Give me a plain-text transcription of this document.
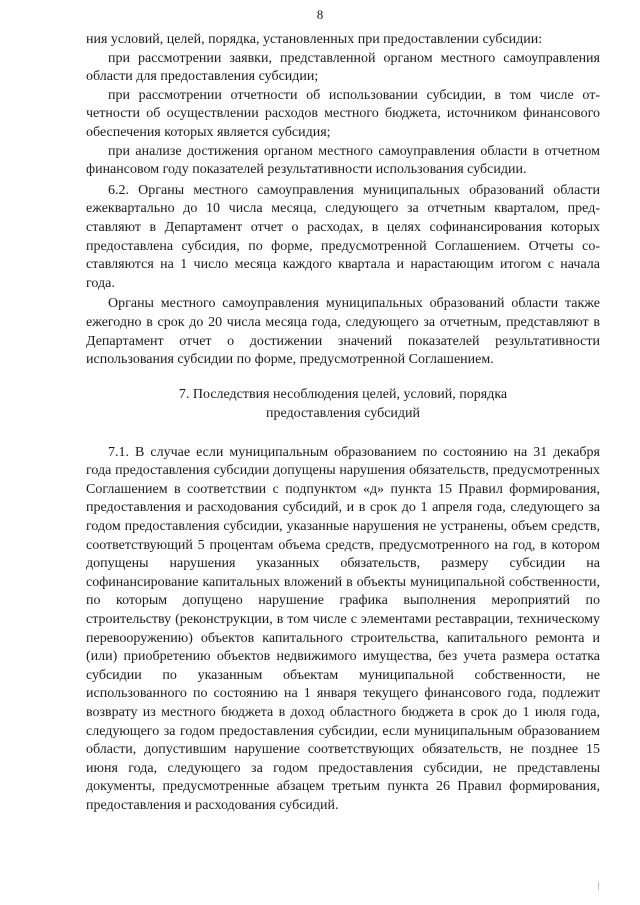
8

ния условий, целей, порядка, установленных при предоставлении субсидии:

при рассмотрении заявки, представленной органом местного самоуправления области для предоставления субсидии;

при рассмотрении отчетности об использовании субсидии, в том числе отчетности об осуществлении расходов местного бюджета, источником финансового обеспечения которых является субсидия;

при анализе достижения органом местного самоуправления области в отчетном финансовом году показателей результативности использования субсидии.

6.2. Органы местного самоуправления муниципальных образований области ежеквартально до 10 числа месяца, следующего за отчетным кварталом, представляют в Департамент отчет о расходах, в целях софинансирования которых предоставлена субсидия, по форме, предусмотренной Соглашением. Отчеты составляются на 1 число месяца каждого квартала и нарастающим итогом с начала года.

Органы местного самоуправления муниципальных образований области также ежегодно в срок до 20 числа месяца года, следующего за отчетным, представляют в Департамент отчет о достижении значений показателей результативности использования субсидии по форме, предусмотренной Соглашением.

7. Последствия несоблюдения целей, условий, порядка
предоставления субсидий

7.1. В случае если муниципальным образованием по состоянию на 31 декабря года предоставления субсидии допущены нарушения обязательств, предусмотренных Соглашением в соответствии с подпунктом «д» пункта 15 Правил формирования, предоставления и расходования субсидий, и в срок до 1 апреля года, следующего за годом предоставления субсидии, указанные нарушения не устранены, объем средств, соответствующий 5 процентам объема средств, предусмотренного на год, в котором допущены нарушения указанных обязательств, размеру субсидии на софинансирование капитальных вложений в объекты муниципальной собственности, по которым допущено нарушение графика выполнения мероприятий по строительству (реконструкции, в том числе с элементами реставрации, техническому перевооружению) объектов капитального строительства, капитального ремонта и (или) приобретению объектов недвижимого имущества, без учета размера остатка субсидии по указанным объектам муниципальной собственности, не использованного по состоянию на 1 января текущего финансового года, подлежит возврату из местного бюджета в доход областного бюджета в срок до 1 июля года, следующего за годом предоставления субсидии, если муниципальным образованием области, допустившим нарушение соответствующих обязательств, не позднее 15 июня года, следующего за годом предоставления субсидии, не представлены документы, предусмотренные абзацем третьим пункта 26 Правил формирования, предоставления и расходования субсидий.
